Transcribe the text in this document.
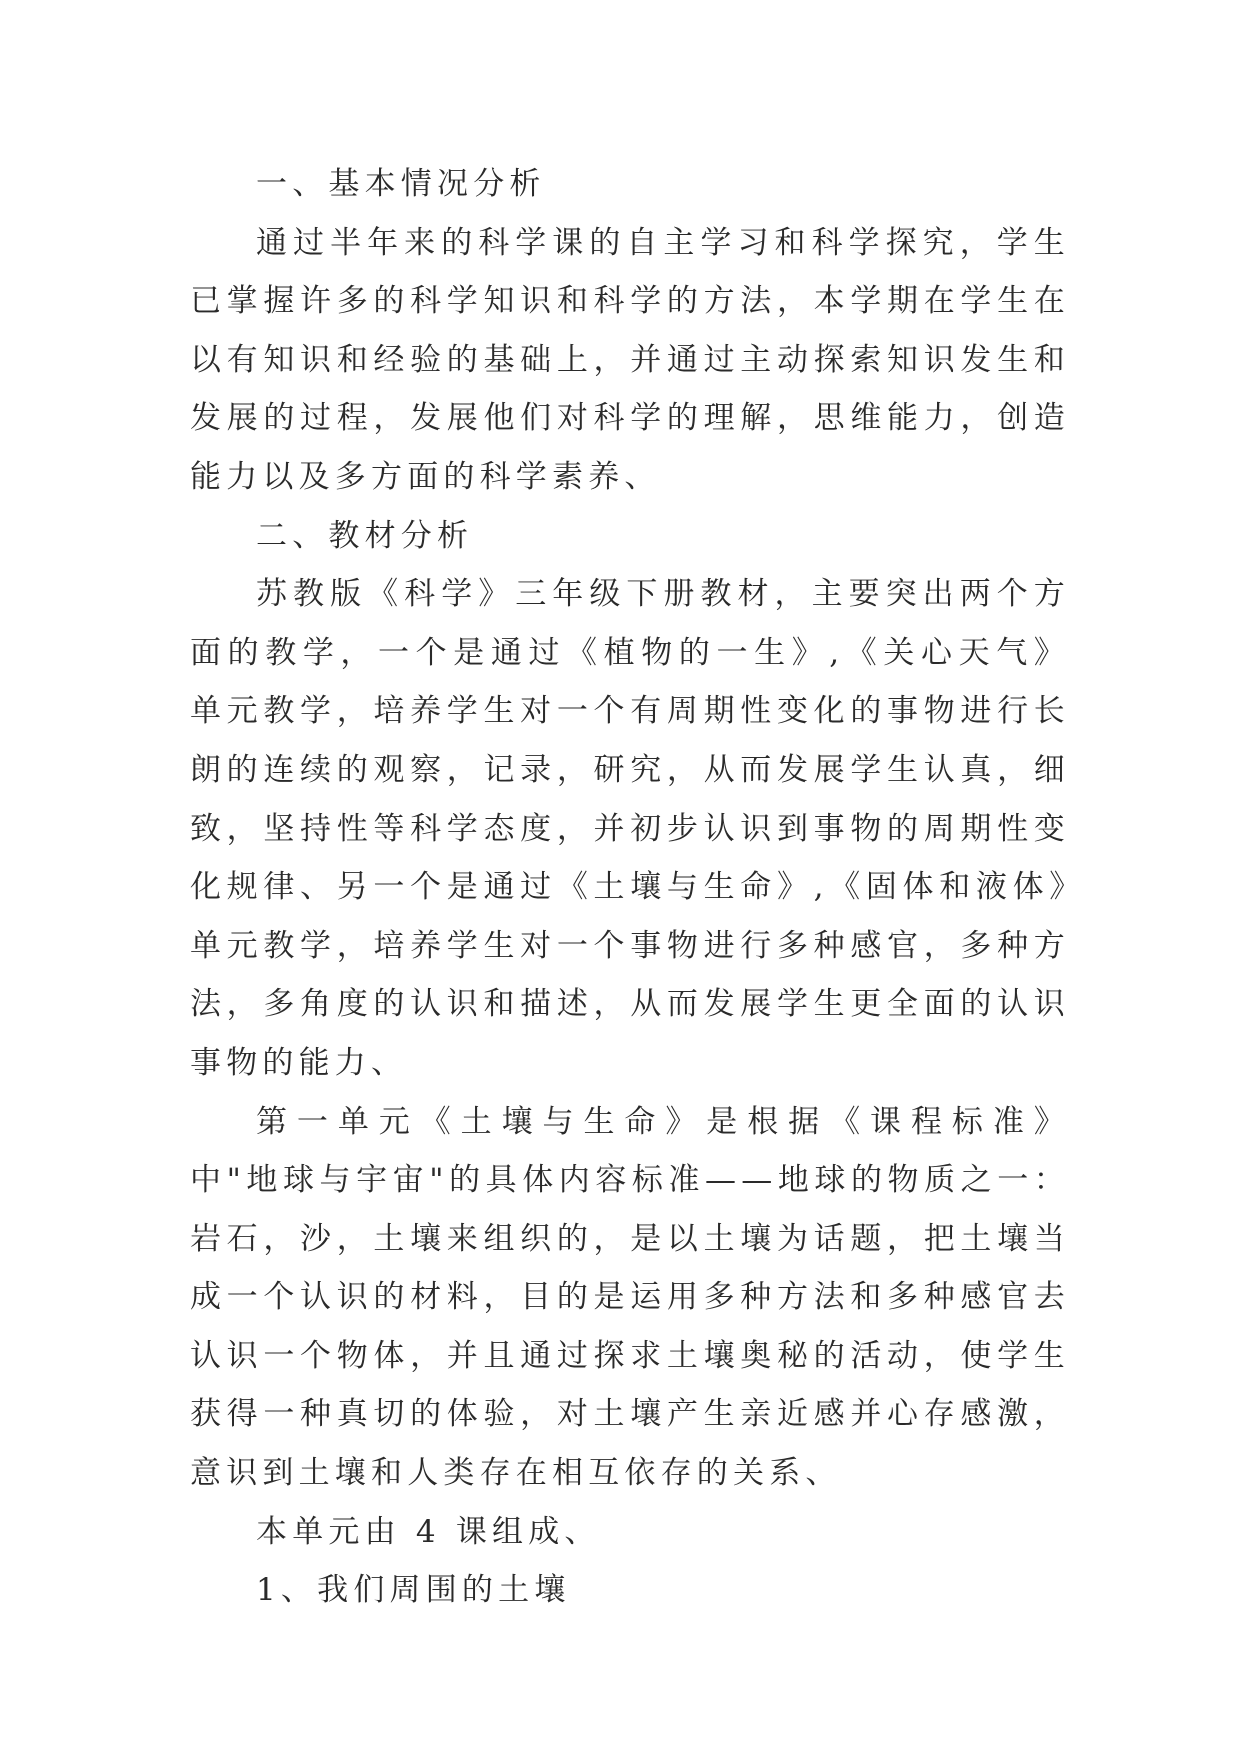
一、基本情况分析

通过半年来的科学课的自主学习和科学探究，学生已掌握许多的科学知识和科学的方法，本学期在学生在以有知识和经验的基础上，并通过主动探索知识发生和发展的过程，发展他们对科学的理解，思维能力，创造能力以及多方面的科学素养、

二、教材分析

苏教版《科学》三年级下册教材，主要突出两个方面的教学，一个是通过《植物的一生》,《关心天气》单元教学，培养学生对一个有周期性变化的事物进行长朗的连续的观察，记录，研究，从而发展学生认真，细致，坚持性等科学态度，并初步认识到事物的周期性变化规律、另一个是通过《土壤与生命》,《固体和液体》单元教学，培养学生对一个事物进行多种感官，多种方法，多角度的认识和描述，从而发展学生更全面的认识事物的能力、

第一单元《土壤与生命》是根据《课程标准》中"地球与宇宙"的具体内容标准——地球的物质之一：岩石，沙，土壤来组织的，是以土壤为话题，把土壤当成一个认识的材料，目的是运用多种方法和多种感官去认识一个物体，并且通过探求土壤奥秘的活动，使学生获得一种真切的体验，对土壤产生亲近感并心存感激，意识到土壤和人类存在相互依存的关系、

本单元由 4 课组成、

1、我们周围的土壤
